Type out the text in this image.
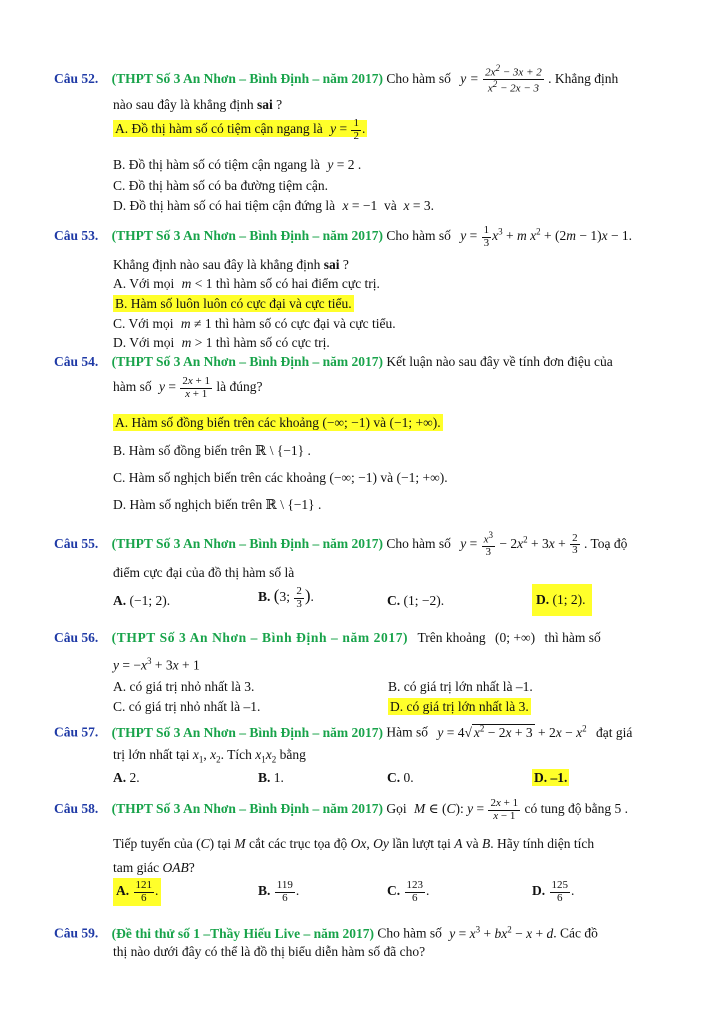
Câu 52. (THPT Số 3 An Nhơn – Bình Định – năm 2017) Cho hàm số $y = \frac{2x^2 - 3x + 2}{x^2 - 2x - 3}$ . Khẳng định
nào sau đây là khẳng định sai ?
A. Đồ thị hàm số có tiệm cận ngang là $y = \frac{1}{2}$ .
B. Đồ thị hàm số có tiệm cận ngang là y = 2 .
C. Đồ thị hàm số có ba đường tiệm cận.
D. Đồ thị hàm số có hai tiệm cận đứng là x = −1  và  x = 3.
Câu 53. (THPT Số 3 An Nhơn – Bình Định – năm 2017) Cho hàm số $y = \frac{1}{3} x^3 + m$ $x^2 + (2m - 1)x - 1$.
Khẳng định nào sau đây là khẳng định sai ?
A. Với mọi m < 1 thì hàm số có hai điểm cực trị.
B. Hàm số luôn luôn có cực đại và cực tiểu.
C. Với mọi m ≠ 1 thì hàm số có cực đại và cực tiểu.
D. Với mọi m > 1 thì hàm số có cực trị.
Câu 54. (THPT Số 3 An Nhơn – Bình Định – năm 2017) Kết luận nào sau đây về tính đơn điệu của
hàm số $y = \frac{2x + 1}{x + 1}$ là đúng?
A. Hàm số đồng biến trên các khoảng (−∞; −1) và (−1; +∞).
B. Hàm số đồng biến trên ℝ \ {−1} .
C. Hàm số nghịch biến trên các khoảng (−∞; −1) và (−1; +∞).
D. Hàm số nghịch biến trên ℝ \ {−1} .
Câu 55. (THPT Số 3 An Nhơn – Bình Định – năm 2017) Cho hàm số $y = \frac{x^3}{3} - 2x^2 + 3x + \frac{2}{3}$ . Toạ độ
điểm cực đại của đồ thị hàm số là
A. (−1; 2).	B. (3; $\frac{2}{3}$ ).	C. (1; −2).	D. (1; 2).
Câu 56. (THPT Số 3 An Nhơn – Bình Định – năm 2017) Trên khoảng (0; +∞) thì hàm số
$y = -x^3 + 3x + 1$
A. có giá trị nhỏ nhất là 3.	B. có giá trị lớn nhất là –1.
C. có giá trị nhỏ nhất là –1.	D. có giá trị lớn nhất là 3.
Câu 57. (THPT Số 3 An Nhơn – Bình Định – năm 2017) Hàm số y = 4√ $x^2 - 2x + 3 + 2x - x^2$ đạt giá
trị lớn nhất tại $x_1$, $x_2$. Tích $x_1x_2$ bằng
A. 2.	B. 1.	C. 0.	D. –1.
Câu 58. (THPT Số 3 An Nhơn – Bình Định – năm 2017) Gọi M ∈ (C): $y = \frac{2x + 1}{x - 1}$ có tung độ bằng 5 .
Tiếp tuyến của (C) tại M cắt các trục tọa độ Ox, Oy lần lượt tại A và B. Hãy tính diện tích
tam giác OAB?
A. $\frac{121}{6}$ .	B. $\frac{119}{6}$ .	C. $\frac{123}{6}$ .	D. $\frac{125}{6}$ .
Câu 59. (Đề thi thử số 1 –Thầy Hiếu Live – năm 2017) Cho hàm số $y = x^3 + bx^2 - x + d$. Các đồ
thị nào dưới đây có thể là đồ thị biểu diễn hàm số đã cho?
